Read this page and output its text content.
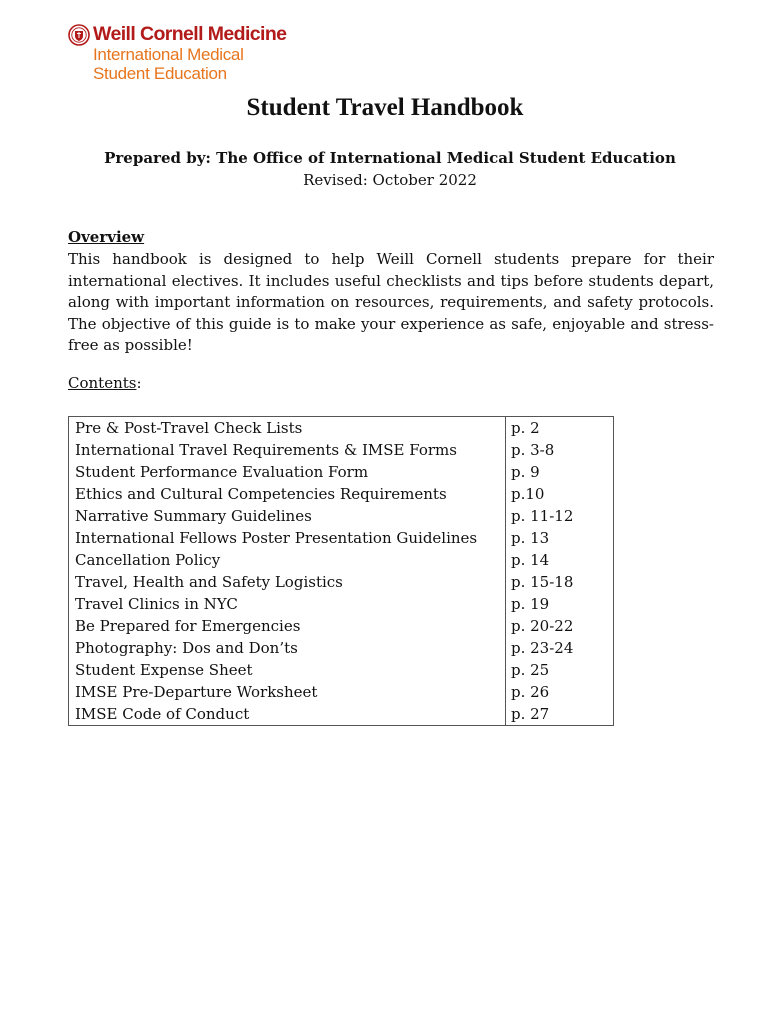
Weill Cornell Medicine
International Medical
Student Education
Student Travel Handbook
Prepared by: The Office of International Medical Student Education
Revised: October 2022
Overview

This handbook is designed to help Weill Cornell students prepare for their international electives. It includes useful checklists and tips before students depart, along with important information on resources, requirements, and safety protocols. The objective of this guide is to make your experience as safe, enjoyable and stress-free as possible!

Contents:
Pre & Post-Travel Check Lists	p. 2
International Travel Requirements & IMSE Forms	p. 3-8
Student Performance Evaluation Form	p. 9
Ethics and Cultural Competencies Requirements	p.10
Narrative Summary Guidelines	p. 11-12
International Fellows Poster Presentation Guidelines	p. 13
Cancellation Policy	p. 14
Travel, Health and Safety Logistics	p. 15-18
Travel Clinics in NYC	p. 19
Be Prepared for Emergencies	p. 20-22
Photography: Dos and Don’ts	p. 23-24
Student Expense Sheet	p. 25
IMSE Pre-Departure Worksheet	p. 26
IMSE Code of Conduct	p. 27
